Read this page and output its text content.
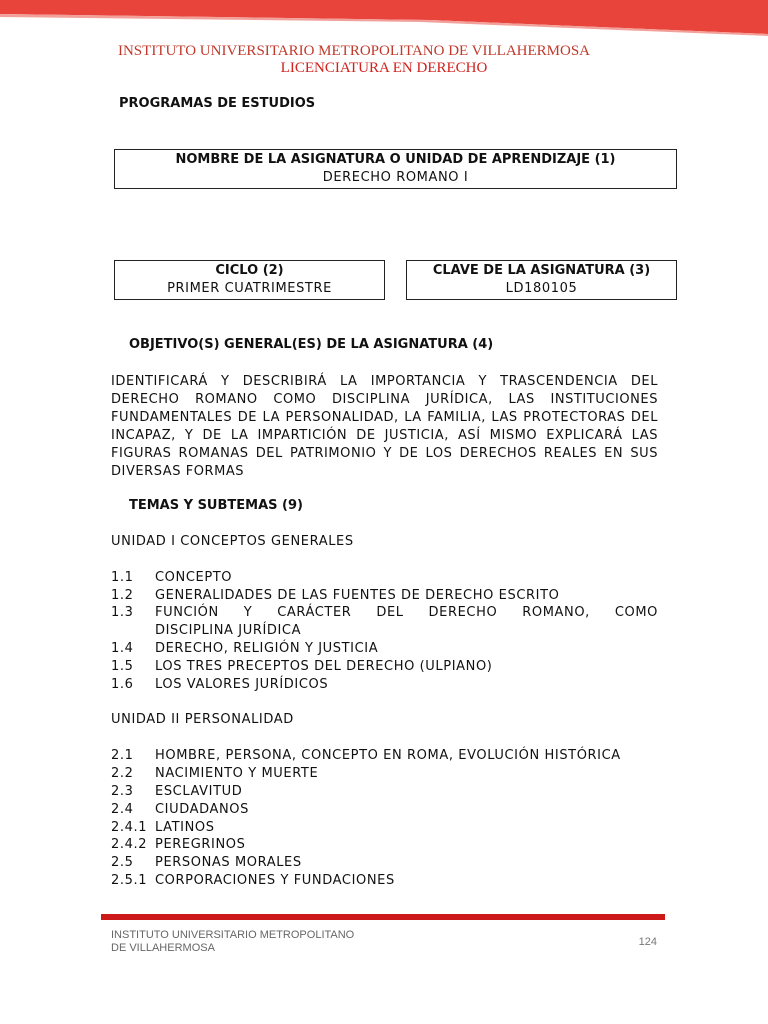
INSTITUTO UNIVERSITARIO METROPOLITANO DE VILLAHERMOSA
LICENCIATURA EN DERECHO
PROGRAMAS DE ESTUDIOS
NOMBRE DE LA ASIGNATURA O UNIDAD DE APRENDIZAJE (1)
DERECHO ROMANO I
CICLO (2)
PRIMER CUATRIMESTRE
CLAVE DE LA ASIGNATURA (3)
LD180105
OBJETIVO(S) GENERAL(ES) DE LA ASIGNATURA (4)
IDENTIFICARÁ Y DESCRIBIRÁ LA IMPORTANCIA Y TRASCENDENCIA DEL DERECHO ROMANO COMO DISCIPLINA JURÍDICA, LAS INSTITUCIONES FUNDAMENTALES DE LA PERSONALIDAD, LA FAMILIA, LAS PROTECTORAS DEL INCAPAZ, Y DE LA IMPARTICIÓN DE JUSTICIA, ASÍ MISMO EXPLICARÁ LAS FIGURAS ROMANAS DEL PATRIMONIO Y DE LOS DERECHOS REALES EN SUS DIVERSAS FORMAS
TEMAS Y SUBTEMAS (9)
UNIDAD I CONCEPTOS GENERALES
1.1 CONCEPTO
1.2 GENERALIDADES DE LAS FUENTES DE DERECHO ESCRITO
1.3 FUNCIÓN Y CARÁCTER DEL DERECHO ROMANO, COMO
DISCIPLINA JURÍDICA
1.4 DERECHO, RELIGIÓN Y JUSTICIA
1.5 LOS TRES PRECEPTOS DEL DERECHO (ULPIANO)
1.6 LOS VALORES JURÍDICOS
UNIDAD II PERSONALIDAD
2.1 HOMBRE, PERSONA, CONCEPTO EN ROMA, EVOLUCIÓN HISTÓRICA
2.2 NACIMIENTO Y MUERTE
2.3 ESCLAVITUD
2.4 CIUDADANOS
2.4.1 LATINOS
2.4.2 PEREGRINOS
2.5 PERSONAS MORALES
2.5.1 CORPORACIONES Y FUNDACIONES
INSTITUTO UNIVERSITARIO METROPOLITANO
DE VILLAHERMOSA	124
